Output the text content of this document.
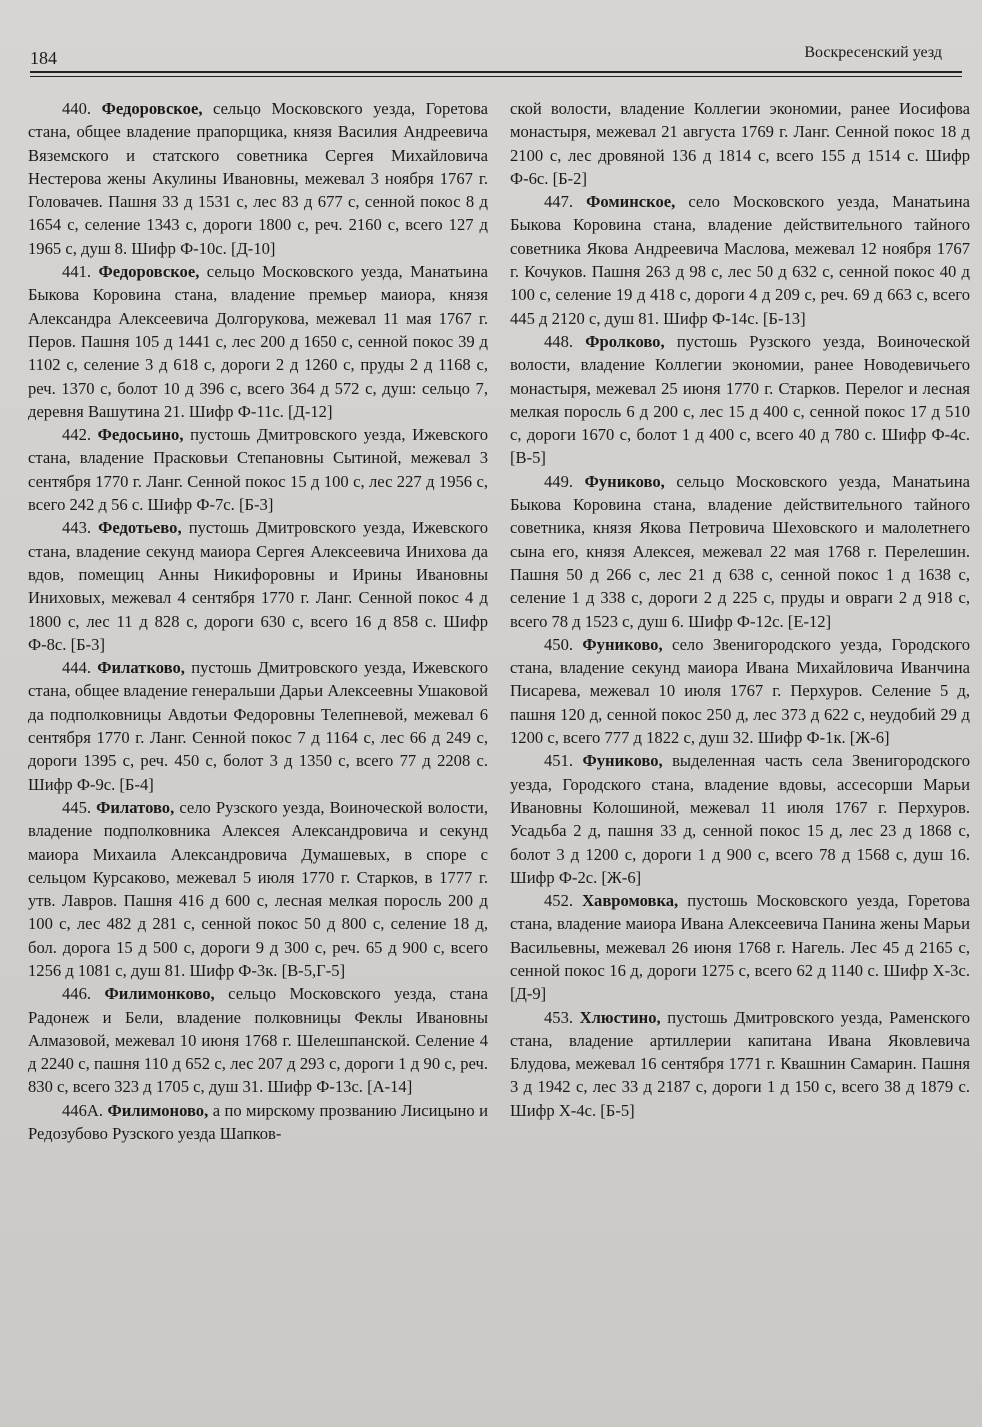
184	Воскресенский уезд

440. Федоровское, сельцо Московского уезда, Горетова стана, общее владение прапорщика, князя Василия Андреевича Вяземского и статского советника Сергея Михайловича Нестерова жены Акулины Ивановны, межевал 3 ноября 1767 г. Головачев. Пашня 33 д 1531 с, лес 83 д 677 с, сенной покос 8 д 1654 с, селение 1343 с, дороги 1800 с, реч. 2160 с, всего 127 д 1965 с, душ 8. Шифр Ф-10с. [Д-10]

441. Федоровское, сельцо Московского уезда, Манатьина Быкова Коровина стана, владение премьер маиора, князя Александра Алексеевича Долгорукова, межевал 11 мая 1767 г. Перов. Пашня 105 д 1441 с, лес 200 д 1650 с, сенной покос 39 д 1102 с, селение 3 д 618 с, дороги 2 д 1260 с, пруды 2 д 1168 с, реч. 1370 с, болот 10 д 396 с, всего 364 д 572 с, душ: сельцо 7, деревня Вашутина 21. Шифр Ф-11с. [Д-12]

442. Федосьино, пустошь Дмитровского уезда, Ижевского стана, владение Прасковьи Степановны Сытиной, межевал 3 сентября 1770 г. Ланг. Сенной покос 15 д 100 с, лес 227 д 1956 с, всего 242 д 56 с. Шифр Ф-7с. [Б-3]

443. Федотьево, пустошь Дмитровского уезда, Ижевского стана, владение секунд маиора Сергея Алексеевича Инихова да вдов, помещиц Анны Никифоровны и Ирины Ивановны Иниховых, межевал 4 сентября 1770 г. Ланг. Сенной покос 4 д 1800 с, лес 11 д 828 с, дороги 630 с, всего 16 д 858 с. Шифр Ф-8с. [Б-3]

444. Филатково, пустошь Дмитровского уезда, Ижевского стана, общее владение генеральши Дарьи Алексеевны Ушаковой да подполковницы Авдотьи Федоровны Телепневой, межевал 6 сентября 1770 г. Ланг. Сенной покос 7 д 1164 с, лес 66 д 249 с, дороги 1395 с, реч. 450 с, болот 3 д 1350 с, всего 77 д 2208 с. Шифр Ф-9с. [Б-4]

445. Филатово, село Рузского уезда, Воиноческой волости, владение подполковника Алексея Александровича и секунд маиора Михаила Александровича Думашевых, в споре с сельцом Курсаково, межевал 5 июля 1770 г. Старков, в 1777 г. утв. Лавров. Пашня 416 д 600 с, лесная мелкая поросль 200 д 100 с, лес 482 д 281 с, сенной покос 50 д 800 с, селение 18 д, бол. дорога 15 д 500 с, дороги 9 д 300 с, реч. 65 д 900 с, всего 1256 д 1081 с, душ 81. Шифр Ф-3к. [В-5,Г-5]

446. Филимонково, сельцо Московского уезда, стана Радонеж и Бели, владение полковницы Феклы Ивановны Алмазовой, межевал 10 июня 1768 г. Шелешпанской. Селение 4 д 2240 с, пашня 110 д 652 с, лес 207 д 293 с, дороги 1 д 90 с, реч. 830 с, всего 323 д 1705 с, душ 31. Шифр Ф-13с. [А-14]

446А. Филимоново, а по мирскому прозванию Лисицыно и Редозубово Рузского уезда Шапков-

ской волости, владение Коллегии экономии, ранее Иосифова монастыря, межевал 21 августа 1769 г. Ланг. Сенной покос 18 д 2100 с, лес дровяной 136 д 1814 с, всего 155 д 1514 с. Шифр Ф-6с. [Б-2]

447. Фоминское, село Московского уезда, Манатьина Быкова Коровина стана, владение действительного тайного советника Якова Андреевича Маслова, межевал 12 ноября 1767 г. Кочуков. Пашня 263 д 98 с, лес 50 д 632 с, сенной покос 40 д 100 с, селение 19 д 418 с, дороги 4 д 209 с, реч. 69 д 663 с, всего 445 д 2120 с, душ 81. Шифр Ф-14с. [Б-13]

448. Фролково, пустошь Рузского уезда, Воиноческой волости, владение Коллегии экономии, ранее Новодевичьего монастыря, межевал 25 июня 1770 г. Старков. Перелог и лесная мелкая поросль 6 д 200 с, лес 15 д 400 с, сенной покос 17 д 510 с, дороги 1670 с, болот 1 д 400 с, всего 40 д 780 с. Шифр Ф-4с. [В-5]

449. Фуниково, сельцо Московского уезда, Манатьина Быкова Коровина стана, владение действительного тайного советника, князя Якова Петровича Шеховского и малолетнего сына его, князя Алексея, межевал 22 мая 1768 г. Перелешин. Пашня 50 д 266 с, лес 21 д 638 с, сенной покос 1 д 1638 с, селение 1 д 338 с, дороги 2 д 225 с, пруды и овраги 2 д 918 с, всего 78 д 1523 с, душ 6. Шифр Ф-12с. [Е-12]

450. Фуниково, село Звенигородского уезда, Городского стана, владение секунд маиора Ивана Михайловича Иванчина Писарева, межевал 10 июля 1767 г. Перхуров. Селение 5 д, пашня 120 д, сенной покос 250 д, лес 373 д 622 с, неудобий 29 д 1200 с, всего 777 д 1822 с, душ 32. Шифр Ф-1к. [Ж-6]

451. Фуниково, выделенная часть села Звенигородского уезда, Городского стана, владение вдовы, ассесорши Марьи Ивановны Колошиной, межевал 11 июля 1767 г. Перхуров. Усадьба 2 д, пашня 33 д, сенной покос 15 д, лес 23 д 1868 с, болот 3 д 1200 с, дороги 1 д 900 с, всего 78 д 1568 с, душ 16. Шифр Ф-2с. [Ж-6]

452. Хавромовка, пустошь Московского уезда, Горетова стана, владение маиора Ивана Алексеевича Панина жены Марьи Васильевны, межевал 26 июня 1768 г. Нагель. Лес 45 д 2165 с, сенной покос 16 д, дороги 1275 с, всего 62 д 1140 с. Шифр Х-3с. [Д-9]

453. Хлюстино, пустошь Дмитровского уезда, Раменского стана, владение артиллерии капитана Ивана Яковлевича Блудова, межевал 16 сентября 1771 г. Квашнин Самарин. Пашня 3 д 1942 с, лес 33 д 2187 с, дороги 1 д 150 с, всего 38 д 1879 с. Шифр Х-4с. [Б-5]
